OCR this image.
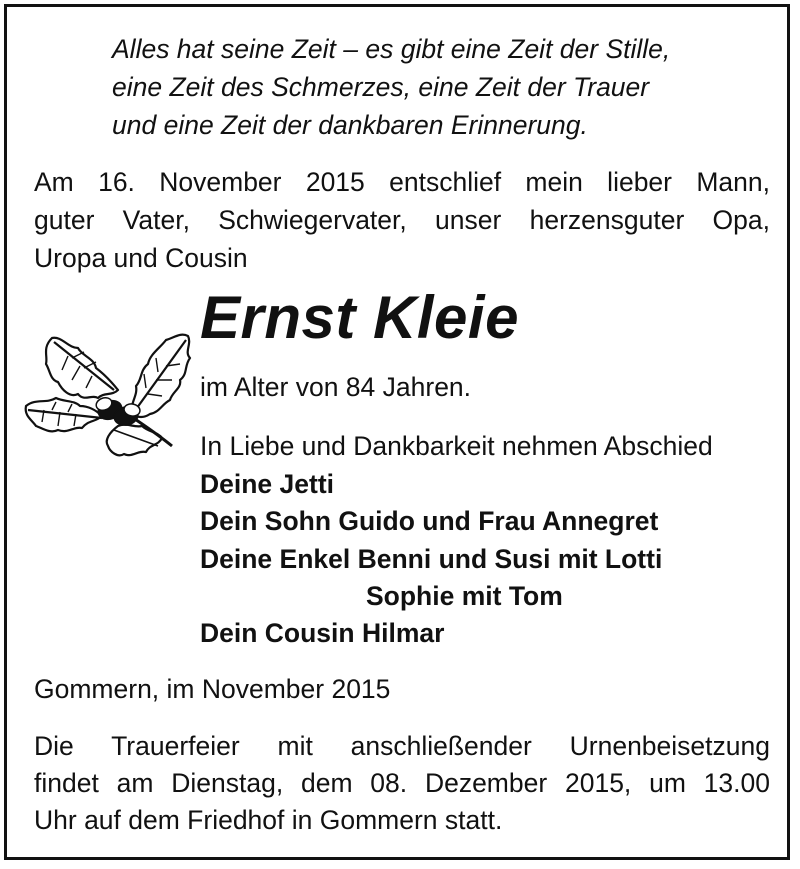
Alles hat seine Zeit – es gibt eine Zeit der Stille,

eine Zeit des Schmerzes, eine Zeit der Trauer

und eine Zeit der dankbaren Erinnerung.

Am 16. November 2015 entschlief mein lieber Mann,

guter Vater, Schwiegervater, unser herzensguter Opa,

Uropa und Cousin

Ernst Kleie

im Alter von 84 Jahren.

In Liebe und Dankbarkeit nehmen Abschied

Deine Jetti

Dein Sohn Guido und Frau Annegret

Deine Enkel Benni und Susi mit Lotti

Sophie mit Tom

Dein Cousin Hilmar

Gommern, im November 2015

Die Trauerfeier mit anschließender Urnenbeisetzung

findet am Dienstag, dem 08. Dezember 2015, um 13.00

Uhr auf dem Friedhof in Gommern statt.
